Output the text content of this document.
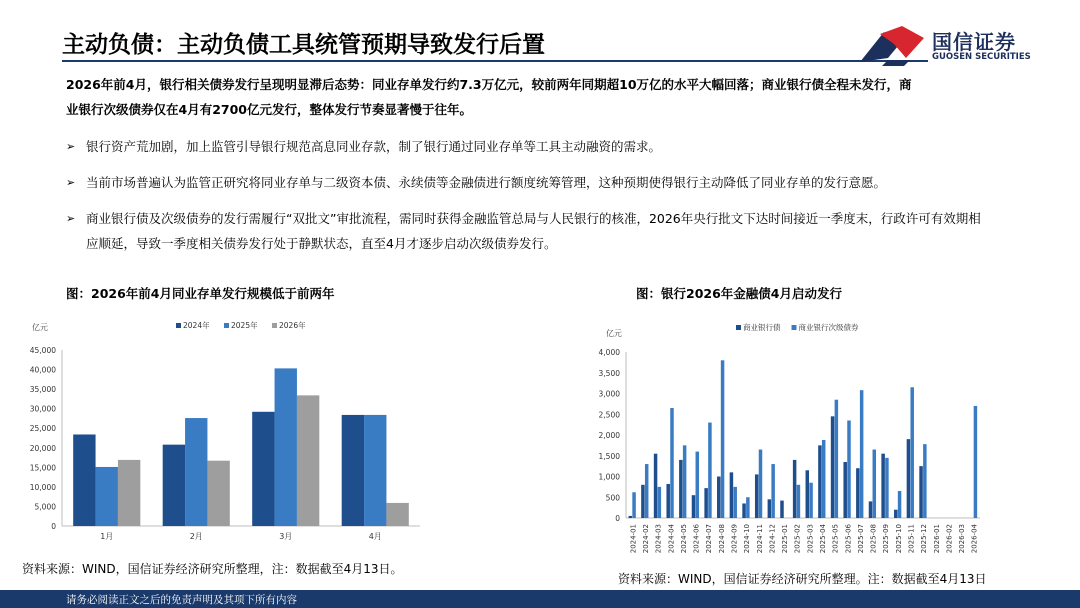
主动负债：主动负债工具统管预期导致发行后置	国信证券
GUOSEN SECURITIES
2026年前4月，银行相关债券发行呈现明显滞后态势：同业存单发行约7.3万亿元，较前两年同期超10万亿的水平大幅回落；商业银行债全程未发行，商
业银行次级债券仅在4月有2700亿元发行，整体发行节奏显著慢于往年。
➢ 银行资产荒加剧，加上监管引导银行规范高息同业存款，制了银行通过同业存单等工具主动融资的需求。
➢ 当前市场普遍认为监管正研究将同业存单与二级资本债、永续债等金融债进行额度统筹管理，这种预期使得银行主动降低了同业存单的发行意愿。
➢ 商业银行债及次级债券的发行需履行“双批文”审批流程，需同时获得金融监管总局与人民银行的核准，2026年央行批文下达时间接近一季度末，行政许可有效期相应顺延，导致一季度相关债券发行处于静默状态，直至4月才逐步启动次级债券发行。
图：2026年前4月同业存单发行规模低于前两年
亿元
0
5,000
10,000
15,000
20,000
25,000
30,000
35,000
40,000
45,000
1月	2月	3月	4月
2024年	2025年	2026年
资料来源：WIND，国信证券经济研究所整理，注：数据截至4月13日。
图：银行2026年金融债4月启动发行
亿元
0
500
1,000
1,500
2,000
2,500
3,000
3,500
4,000
2024-01 2024-02 2024-03 2024-04 2024-05 2024-06 2024-07 2024-08 2024-09 2024-10 2024-11 2024-12 2025-01 2025-02 2025-03 2025-04 2025-05 2025-06 2025-07 2025-08 2025-09 2025-10 2025-11 2025-12 2026-01 2026-02 2026-03 2026-04
商业银行债 商业银行次级债券
资料来源：WIND，国信证券经济研究所整理。注：数据截至4月13日
请务必阅读正文之后的免责声明及其项下所有内容
